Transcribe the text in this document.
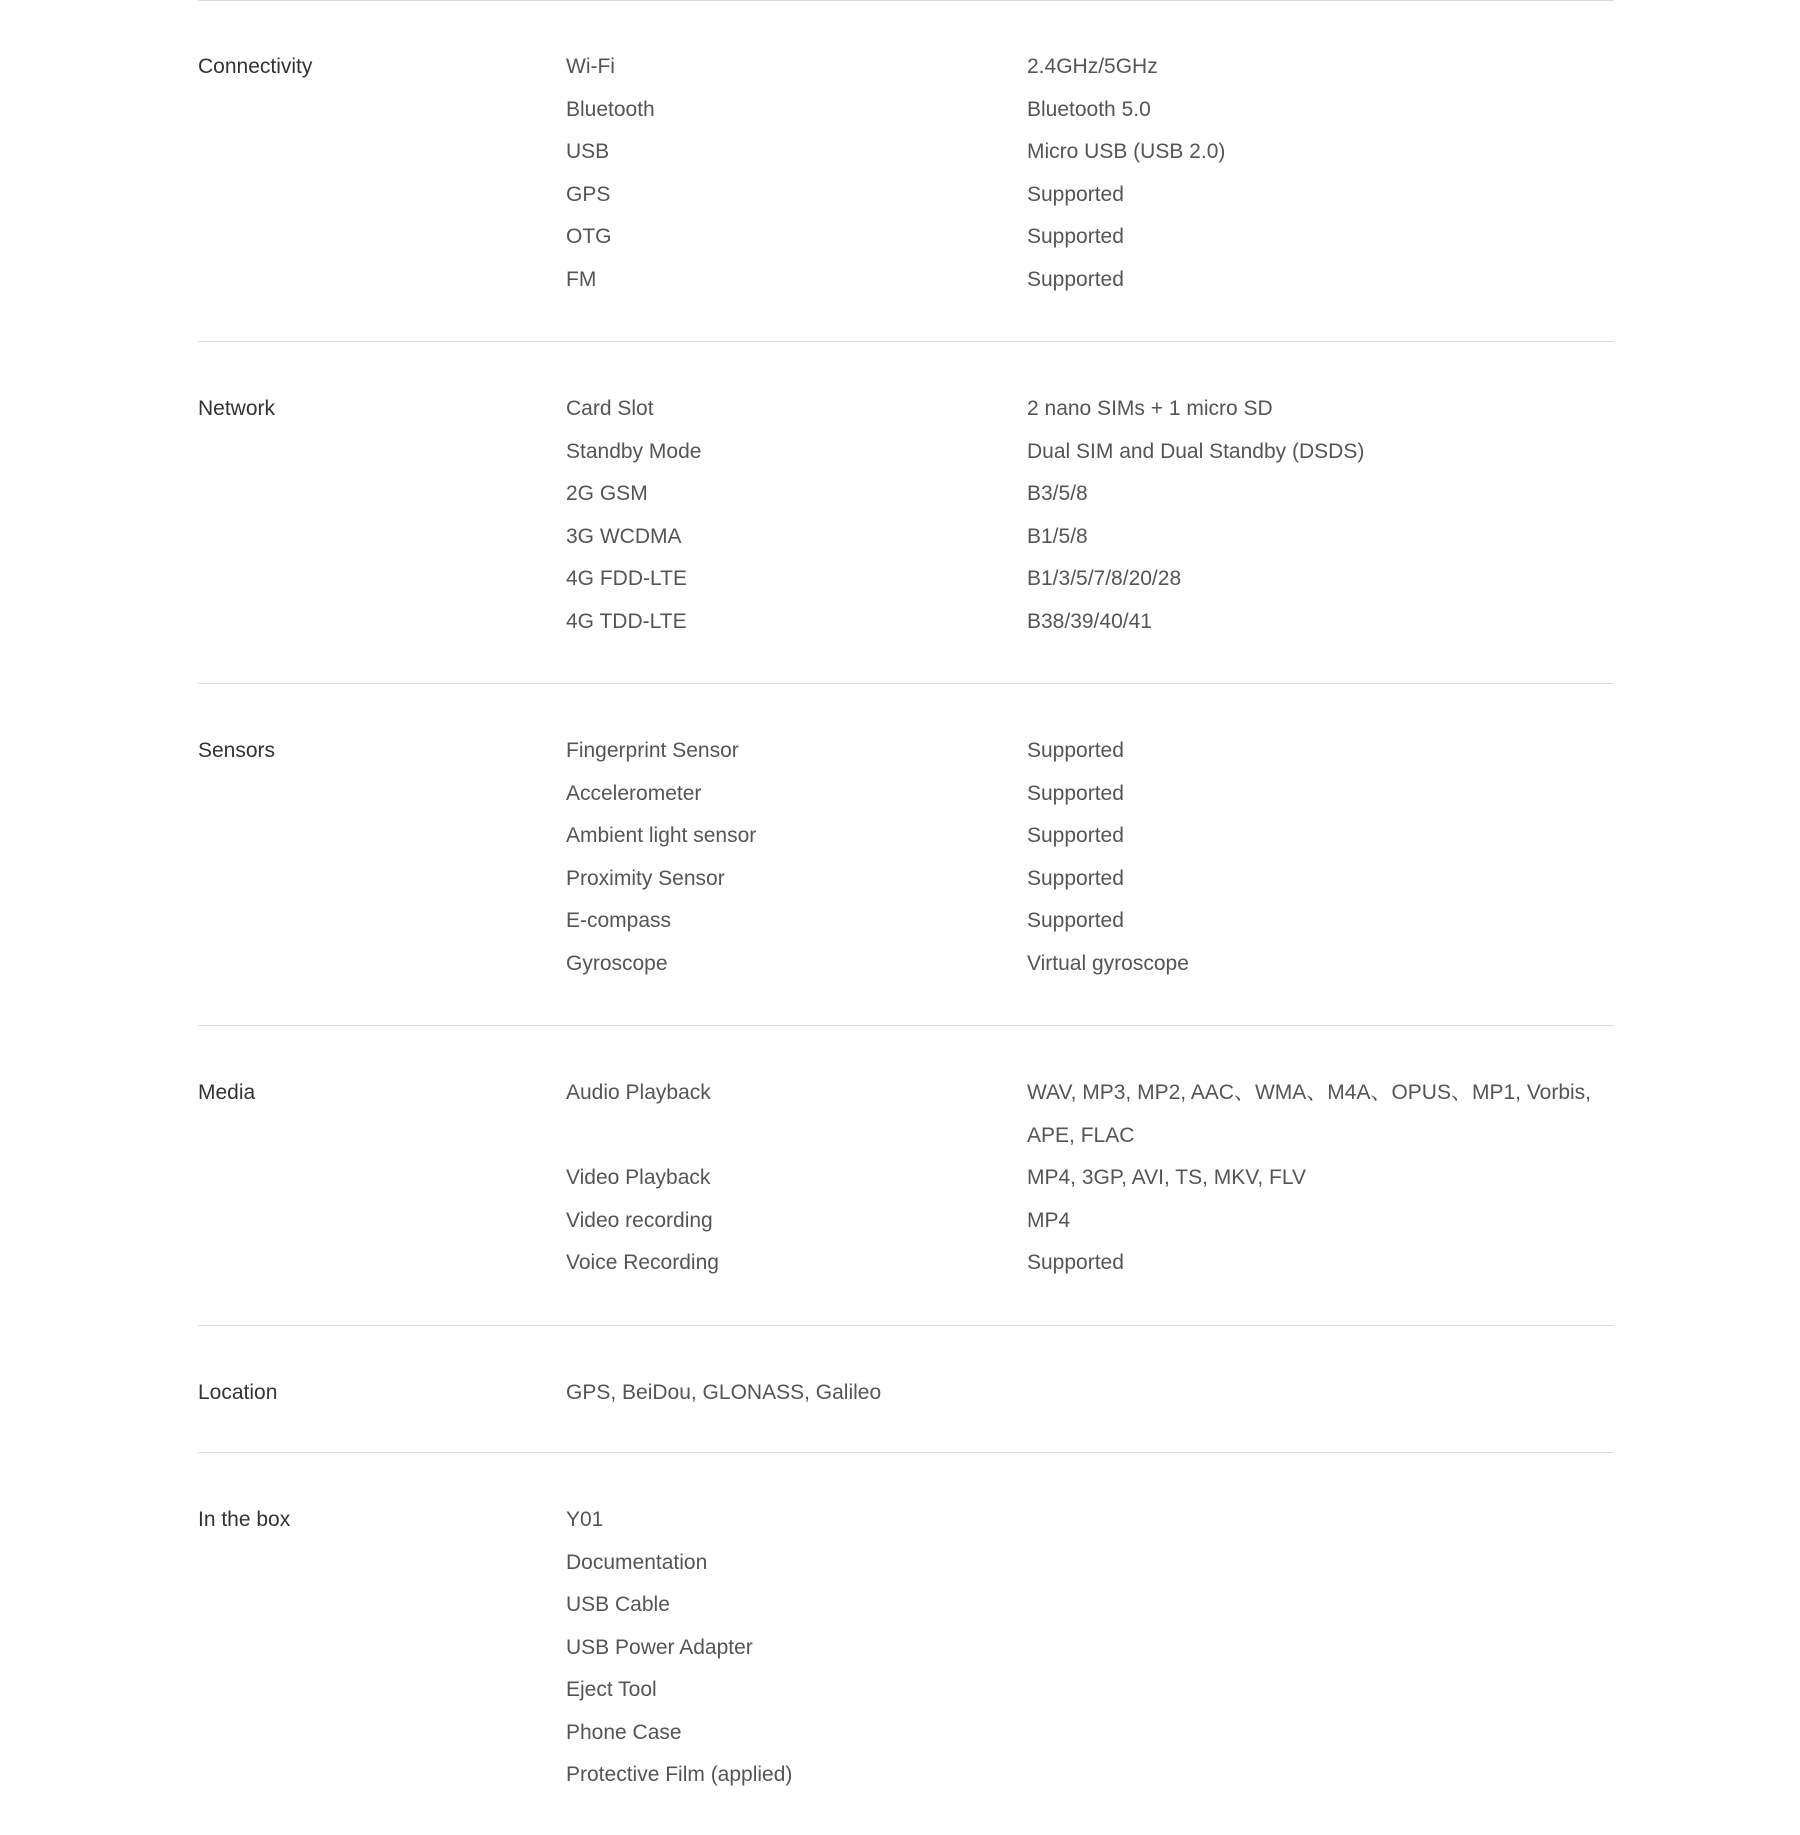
Connectivity	Wi-Fi	2.4GHz/5GHz
Bluetooth	Bluetooth 5.0
USB	Micro USB (USB 2.0)
GPS	Supported
OTG	Supported
FM	Supported
Network	Card Slot	2 nano SIMs + 1 micro SD
Standby Mode	Dual SIM and Dual Standby (DSDS)
2G GSM	B3/5/8
3G WCDMA	B1/5/8
4G FDD-LTE	B1/3/5/7/8/20/28
4G TDD-LTE	B38/39/40/41
Sensors	Fingerprint Sensor	Supported
Accelerometer	Supported
Ambient light sensor	Supported
Proximity Sensor	Supported
E-compass	Supported
Gyroscope	Virtual gyroscope
Media	Audio Playback	WAV, MP3, MP2, AAC、WMA、M4A、OPUS、MP1, Vorbis, APE, FLAC
Video Playback	MP4, 3GP, AVI, TS, MKV, FLV
Video recording	MP4
Voice Recording	Supported
Location	GPS, BeiDou, GLONASS, Galileo
In the box	Y01
Documentation
USB Cable
USB Power Adapter
Eject Tool
Phone Case
Protective Film (applied)
